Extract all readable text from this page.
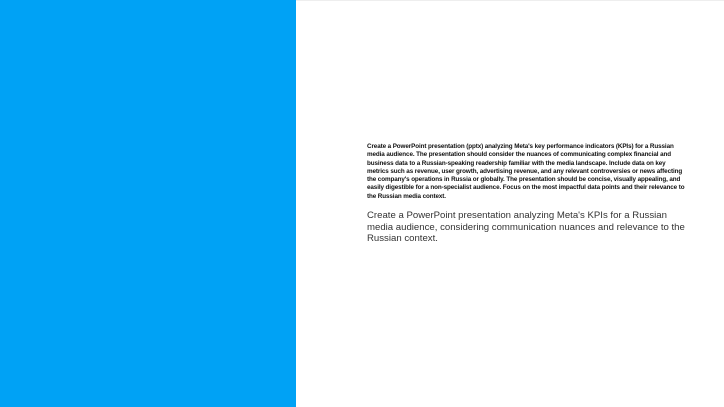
Create a PowerPoint presentation (pptx) analyzing Meta's key performance indicators (KPIs) for a Russian media audience. The presentation should consider the nuances of communicating complex financial and business data to a Russian-speaking readership familiar with the media landscape. Include data on key metrics such as revenue, user growth, advertising revenue, and any relevant controversies or news affecting the company's operations in Russia or globally. The presentation should be concise, visually appealing, and easily digestible for a non-specialist audience. Focus on the most impactful data points and their relevance to the Russian media context.
Create a PowerPoint presentation analyzing Meta's KPIs for a Russian media audience, considering communication nuances and relevance to the Russian context.
